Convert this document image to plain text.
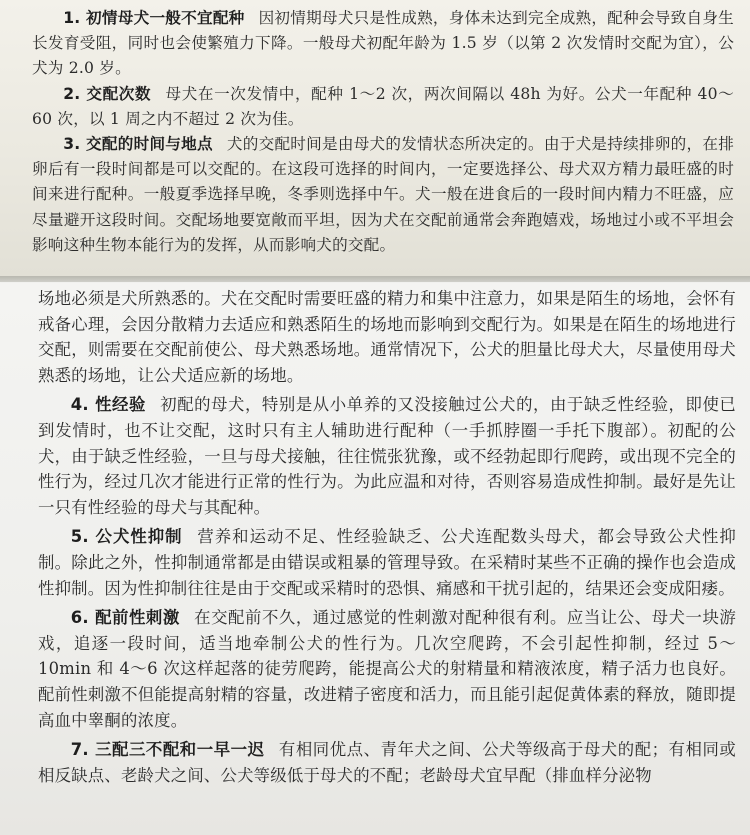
1. 初情母犬一般不宜配种 因初情期母犬只是性成熟，身体未达到完全成熟，配种会导致自身生长发育受阻，同时也会使繁殖力下降。一般母犬初配年龄为 1.5 岁（以第 2 次发情时交配为宜），公犬为 2.0 岁。

2. 交配次数 母犬在一次发情中，配种 1～2 次，两次间隔以 48h 为好。公犬一年配种 40～60 次，以 1 周之内不超过 2 次为佳。

3. 交配的时间与地点 犬的交配时间是由母犬的发情状态所决定的。由于犬是持续排卵的，在排卵后有一段时间都是可以交配的。在这段可选择的时间内，一定要选择公、母犬双方精力最旺盛的时间来进行配种。一般夏季选择早晚，冬季则选择中午。犬一般在进食后的一段时间内精力不旺盛，应尽量避开这段时间。交配场地要宽敞而平坦，因为犬在交配前通常会奔跑嬉戏，场地过小或不平坦会影响这种生物本能行为的发挥，从而影响犬的交配。

场地必须是犬所熟悉的。犬在交配时需要旺盛的精力和集中注意力，如果是陌生的场地，会怀有戒备心理，会因分散精力去适应和熟悉陌生的场地而影响到交配行为。如果是在陌生的场地进行交配，则需要在交配前使公、母犬熟悉场地。通常情况下，公犬的胆量比母犬大，尽量使用母犬熟悉的场地，让公犬适应新的场地。

4. 性经验 初配的母犬，特别是从小单养的又没接触过公犬的，由于缺乏性经验，即使已到发情时，也不让交配，这时只有主人辅助进行配种（一手抓脖圈一手托下腹部）。初配的公犬，由于缺乏性经验，一旦与母犬接触，往往慌张犹豫，或不经勃起即行爬跨，或出现不完全的性行为，经过几次才能进行正常的性行为。为此应温和对待，否则容易造成性抑制。最好是先让一只有性经验的母犬与其配种。

5. 公犬性抑制 营养和运动不足、性经验缺乏、公犬连配数头母犬，都会导致公犬性抑制。除此之外，性抑制通常都是由错误或粗暴的管理导致。在采精时某些不正确的操作也会造成性抑制。因为性抑制往往是由于交配或采精时的恐惧、痛感和干扰引起的，结果还会变成阳痿。

6. 配前性刺激 在交配前不久，通过感觉的性刺激对配种很有利。应当让公、母犬一块游戏，追逐一段时间，适当地牵制公犬的性行为。几次空爬跨，不会引起性抑制，经过 5～10min 和 4～6 次这样起落的徒劳爬跨，能提高公犬的射精量和精液浓度，精子活力也良好。配前性刺激不但能提高射精的容量，改进精子密度和活力，而且能引起促黄体素的释放，随即提高血中睾酮的浓度。

7. 三配三不配和一早一迟 有相同优点、青年犬之间、公犬等级高于母犬的配；有相同或相反缺点、老龄犬之间、公犬等级低于母犬的不配；老龄母犬宜早配（排血样分泌物
